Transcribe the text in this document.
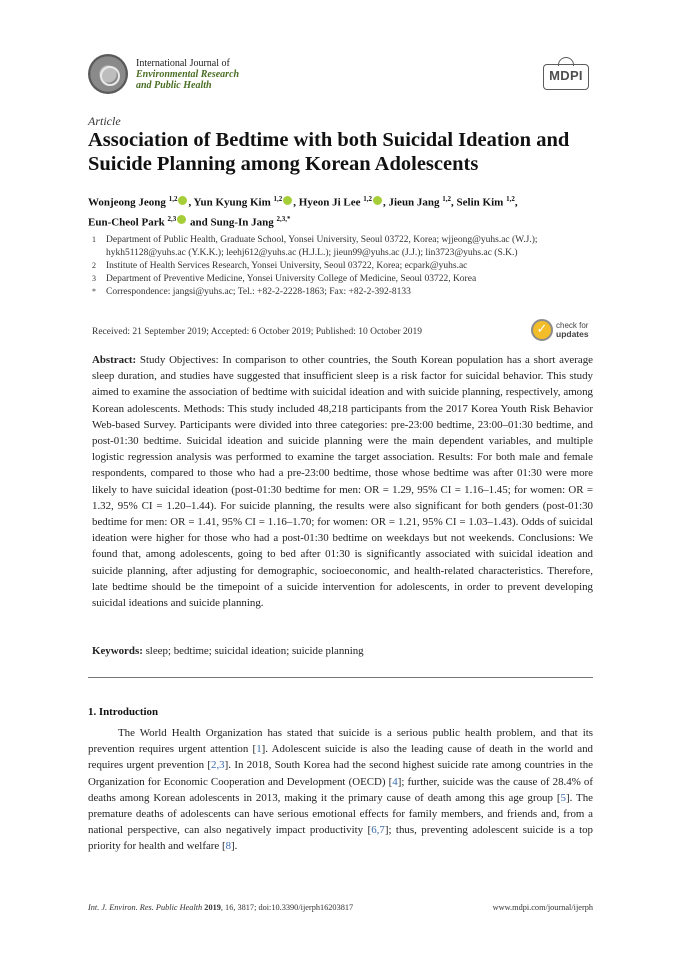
International Journal of
Environmental Research
and Public Health
MDPI
Article
Association of Bedtime with both Suicidal Ideation and Suicide Planning among Korean Adolescents
Wonjeong Jeong $^{1,2}$ , Yun Kyung Kim $^{1,2}$ , Hyeon Ji Lee $^{1,2}$ , Jieun Jang $^{1,2}$, Selin Kim $^{1,2}$,
Eun-Cheol Park $^{2,3}$ and Sung-In Jang $^{2,3,*}$
1	Department of Public Health, Graduate School, Yonsei University, Seoul 03722, Korea; wjjeong@yuhs.ac (W.J.); hykh51128@yuhs.ac (Y.K.K.); leehj612@yuhs.ac (H.J.L.); jieun99@yuhs.ac (J.J.); lin3723@yuhs.ac (S.K.)
2	Institute of Health Services Research, Yonsei University, Seoul 03722, Korea; ecpark@yuhs.ac
3	Department of Preventive Medicine, Yonsei University College of Medicine, Seoul 03722, Korea
*	Correspondence: jangsi@yuhs.ac; Tel.: +82-2-2228-1863; Fax: +82-2-392-8133
Received: 21 September 2019; Accepted: 6 October 2019; Published: 10 October 2019	✓	check for
updates
Abstract: Study Objectives: In comparison to other countries, the South Korean population has a short average sleep duration, and studies have suggested that insufficient sleep is a risk factor for suicidal behavior. This study aimed to examine the association of bedtime with suicidal ideation and with suicide planning, respectively, among Korean adolescents. Methods: This study included 48,218 participants from the 2017 Korea Youth Risk Behavior Web-based Survey. Participants were divided into three categories: pre-23:00 bedtime, 23:00–01:30 bedtime, and post-01:30 bedtime. Suicidal ideation and suicide planning were the main dependent variables, and multiple logistic regression analysis was performed to examine the target association. Results: For both male and female respondents, compared to those who had a pre-23:00 bedtime, those whose bedtime was after 01:30 were more likely to have suicidal ideation (post-01:30 bedtime for men: OR = 1.29, 95% CI = 1.16–1.45; for women: OR = 1.32, 95% CI = 1.20–1.44). For suicide planning, the results were also significant for both genders (post-01:30 bedtime for men: OR = 1.41, 95% CI = 1.16–1.70; for women: OR = 1.21, 95% CI = 1.03–1.43). Odds of suicidal ideation were higher for those who had a post-01:30 bedtime on weekdays but not weekends. Conclusions: We found that, among adolescents, going to bed after 01:30 is significantly associated with suicidal ideation and suicide planning, after adjusting for demographic, socioeconomic, and health-related characteristics. Therefore, late bedtime should be the timepoint of a suicide intervention for adolescents, in order to prevent developing suicidal ideations and suicide planning.
Keywords: sleep; bedtime; suicidal ideation; suicide planning
1. Introduction

The World Health Organization has stated that suicide is a serious public health problem, and that its prevention requires urgent attention [1]. Adolescent suicide is also the leading cause of death in the world and requires urgent prevention [2,3]. In 2018, South Korea had the second highest suicide rate among countries in the Organization for Economic Cooperation and Development (OECD) [4]; further, suicide was the cause of 28.4% of deaths among Korean adolescents in 2013, making it the primary cause of death among this age group [5]. The premature deaths of adolescents can have serious emotional effects for family members, and friends and, from a national perspective, can also negatively impact productivity [6,7]; thus, preventing adolescent suicide is a top priority for health and welfare [8].

Int. J. Environ. Res. Public Health 2019, 16, 3817; doi:10.3390/ijerph16203817	www.mdpi.com/journal/ijerph
